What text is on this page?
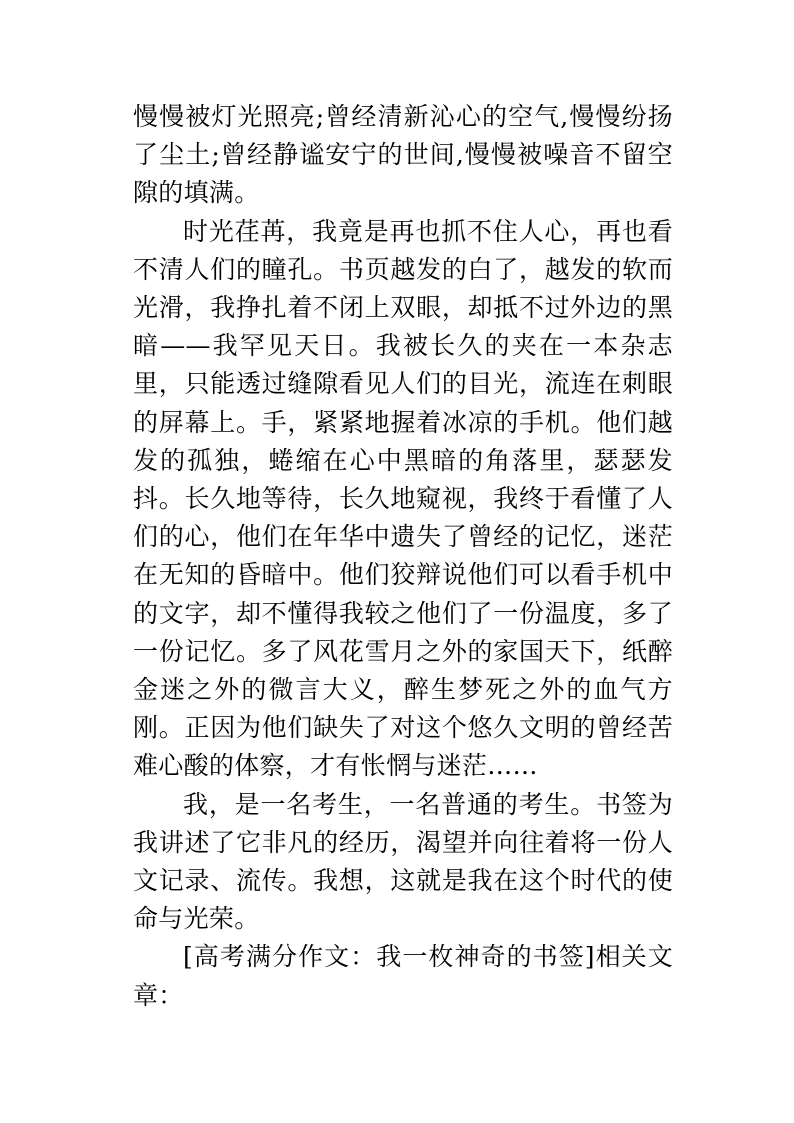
慢慢被灯光照亮;曾经清新沁心的空气,慢慢纷扬了尘土;曾经静谧安宁的世间,慢慢被噪音不留空隙的填满。

时光荏苒，我竟是再也抓不住人心，再也看不清人们的瞳孔。书页越发的白了，越发的软而光滑，我挣扎着不闭上双眼，却抵不过外边的黑暗——我罕见天日。我被长久的夹在一本杂志里，只能透过缝隙看见人们的目光，流连在刺眼的屏幕上。手，紧紧地握着冰凉的手机。他们越发的孤独，蜷缩在心中黑暗的角落里，瑟瑟发抖。长久地等待，长久地窥视，我终于看懂了人们的心，他们在年华中遗失了曾经的记忆，迷茫在无知的昏暗中。他们狡辩说他们可以看手机中的文字，却不懂得我较之他们了一份温度，多了一份记忆。多了风花雪月之外的家国天下，纸醉金迷之外的微言大义，醉生梦死之外的血气方刚。正因为他们缺失了对这个悠久文明的曾经苦难心酸的体察，才有怅惘与迷茫……

我，是一名考生，一名普通的考生。书签为我讲述了它非凡的经历，渴望并向往着将一份人文记录、流传。我想，这就是我在这个时代的使命与光荣。

[高考满分作文：我一枚神奇的书签]相关文章：
